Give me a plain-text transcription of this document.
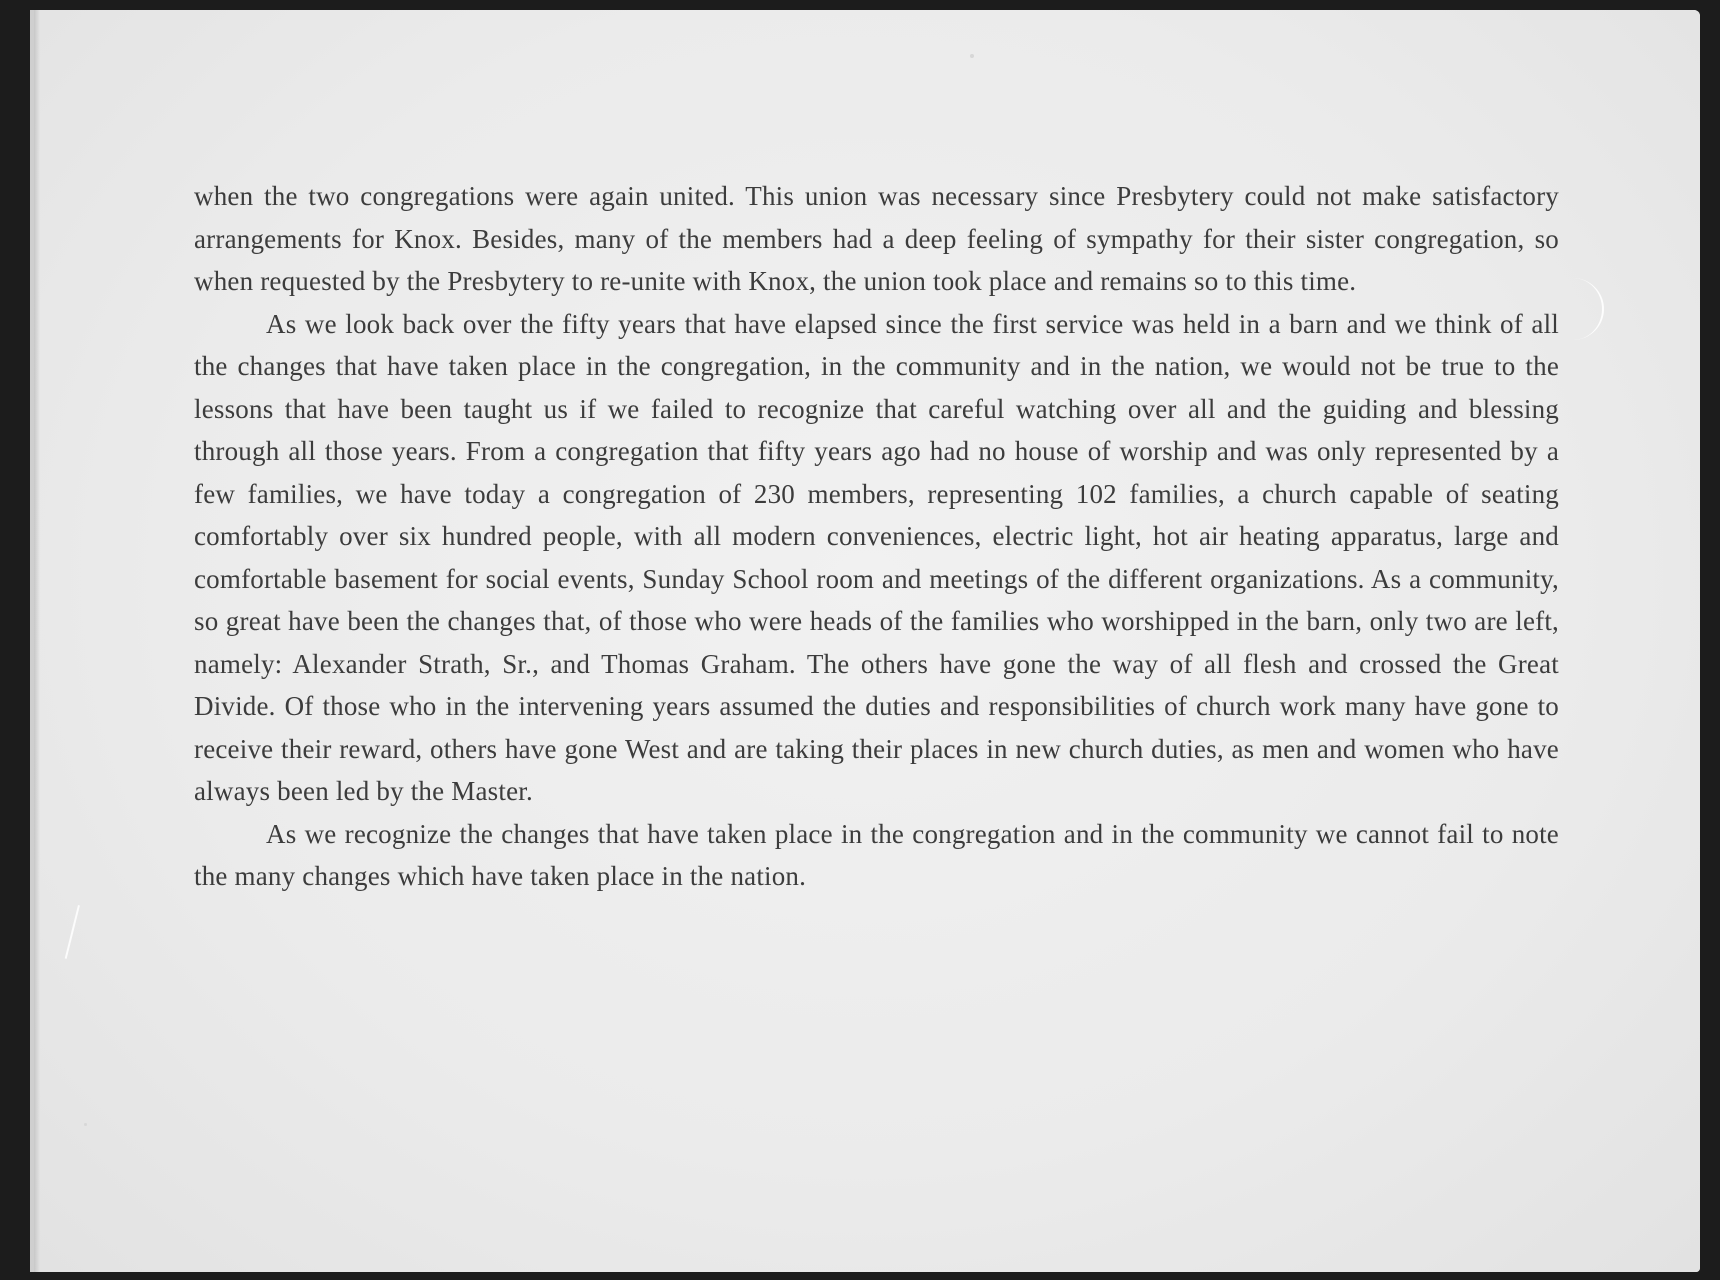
when the two congregations were again united. This union was necessary since Presbytery could not make satisfactory arrangements for Knox. Besides, many of the members had a deep feeling of sympathy for their sister congregation, so when requested by the Presbytery to re-unite with Knox, the union took place and remains so to this time.

As we look back over the fifty years that have elapsed since the first service was held in a barn and we think of all the changes that have taken place in the congregation, in the community and in the nation, we would not be true to the lessons that have been taught us if we failed to recognize that careful watching over all and the guiding and blessing through all those years. From a congregation that fifty years ago had no house of worship and was only represented by a few families, we have today a congregation of 230 members, representing 102 families, a church capable of seating comfortably over six hundred people, with all modern conveniences, electric light, hot air heating apparatus, large and comfortable basement for social events, Sunday School room and meetings of the different organizations. As a community, so great have been the changes that, of those who were heads of the families who worshipped in the barn, only two are left, namely: Alexander Strath, Sr., and Thomas Graham. The others have gone the way of all flesh and crossed the Great Divide. Of those who in the intervening years assumed the duties and responsibilities of church work many have gone to receive their reward, others have gone West and are taking their places in new church duties, as men and women who have always been led by the Master.

As we recognize the changes that have taken place in the congregation and in the community we cannot fail to note the many changes which have taken place in the nation.
